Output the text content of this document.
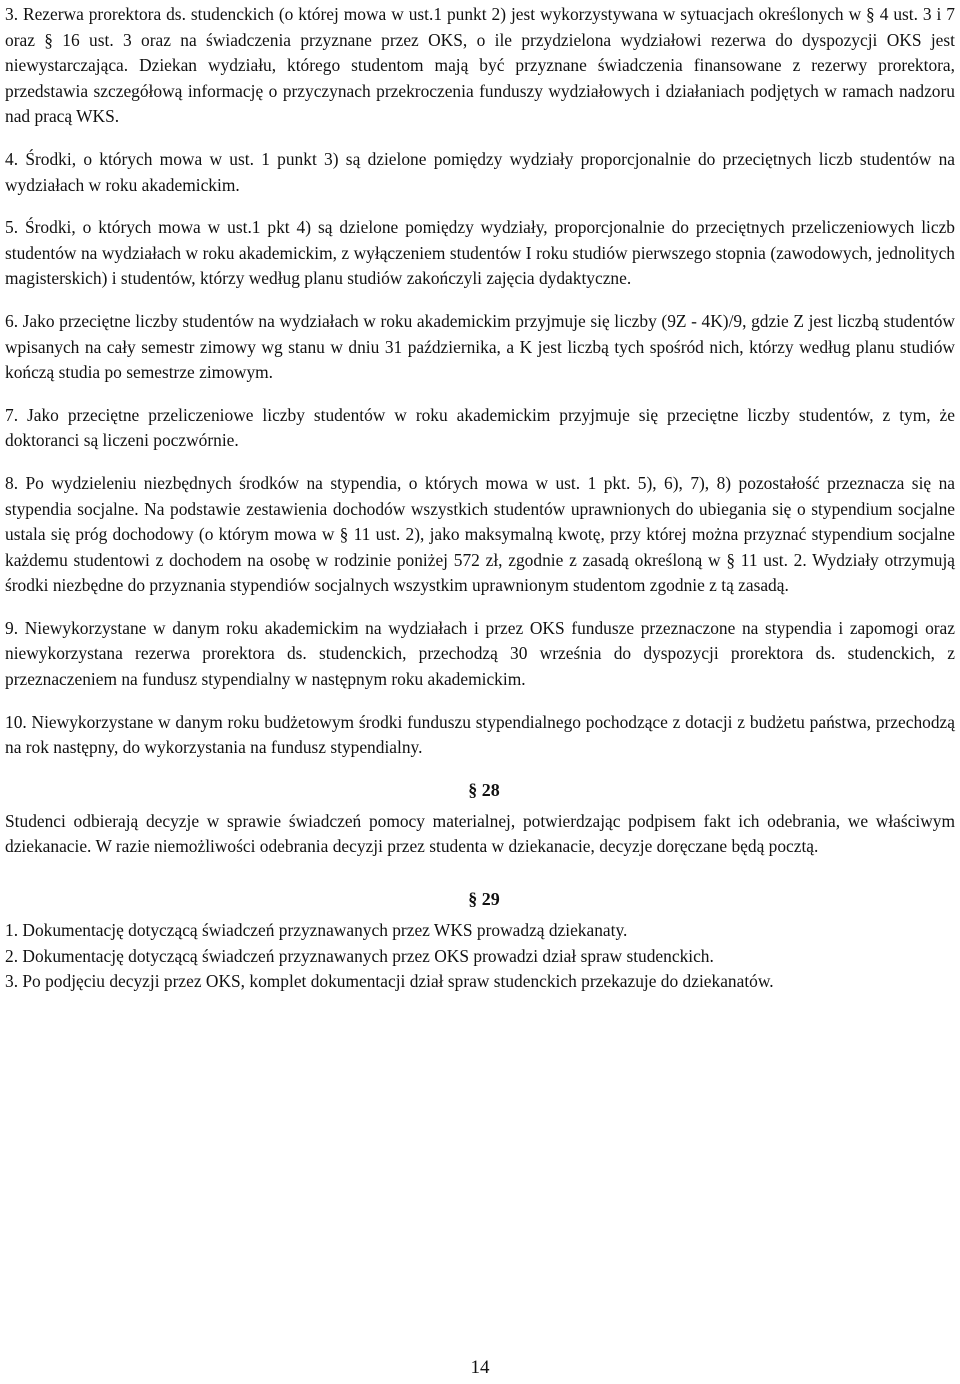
3. Rezerwa prorektora ds. studenckich (o której mowa w ust.1 punkt 2) jest wykorzystywana w sytuacjach określonych w § 4 ust. 3 i 7 oraz § 16 ust. 3 oraz na świadczenia przyznane przez OKS, o ile przydzielona wydziałowi rezerwa do dyspozycji OKS jest niewystarczająca. Dziekan wydziału, którego studentom mają być przyznane świadczenia finansowane z rezerwy prorektora, przedstawia szczegółową informację o przyczynach przekroczenia funduszy wydziałowych i działaniach podjętych w ramach nadzoru nad pracą WKS.

4. Środki, o których mowa w ust. 1 punkt 3) są dzielone pomiędzy wydziały proporcjonalnie do przeciętnych liczb studentów na wydziałach w roku akademickim.

5. Środki, o których mowa w ust.1 pkt 4) są dzielone pomiędzy wydziały, proporcjonalnie do przeciętnych przeliczeniowych liczb studentów na wydziałach w roku akademickim, z wyłączeniem studentów I roku studiów pierwszego stopnia (zawodowych, jednolitych magisterskich) i studentów, którzy według planu studiów zakończyli zajęcia dydaktyczne.

6. Jako przeciętne liczby studentów na wydziałach w roku akademickim przyjmuje się liczby (9Z - 4K)/9, gdzie Z jest liczbą studentów wpisanych na cały semestr zimowy wg stanu w dniu 31 października, a K jest liczbą tych spośród nich, którzy według planu studiów kończą studia po semestrze zimowym.

7. Jako przeciętne przeliczeniowe liczby studentów w roku akademickim przyjmuje się przeciętne liczby studentów, z tym, że doktoranci są liczeni poczwórnie.

8. Po wydzieleniu niezbędnych środków na stypendia, o których mowa w ust. 1 pkt. 5), 6), 7), 8) pozostałość przeznacza się na stypendia socjalne. Na podstawie zestawienia dochodów wszystkich studentów uprawnionych do ubiegania się o stypendium socjalne ustala się próg dochodowy (o którym mowa w § 11 ust. 2), jako maksymalną kwotę, przy której można przyznać stypendium socjalne każdemu studentowi z dochodem na osobę w rodzinie poniżej 572 zł, zgodnie z zasadą określoną w § 11 ust. 2. Wydziały otrzymują środki niezbędne do przyznania stypendiów socjalnych wszystkim uprawnionym studentom zgodnie z tą zasadą.

9. Niewykorzystane w danym roku akademickim na wydziałach i przez OKS fundusze przeznaczone na stypendia i zapomogi oraz niewykorzystana rezerwa prorektora ds. studenckich, przechodzą 30 września do dyspozycji prorektora ds. studenckich, z przeznaczeniem na fundusz stypendialny w następnym roku akademickim.

10. Niewykorzystane w danym roku budżetowym środki funduszu stypendialnego pochodzące z dotacji z budżetu państwa, przechodzą na rok następny, do wykorzystania na fundusz stypendialny.

§ 28

Studenci odbierają decyzje w sprawie świadczeń pomocy materialnej, potwierdzając podpisem fakt ich odebrania, we właściwym dziekanacie. W razie niemożliwości odebrania decyzji przez studenta w dziekanacie, decyzje doręczane będą pocztą.

§ 29

1. Dokumentację dotyczącą świadczeń przyznawanych przez WKS prowadzą dziekanaty.

2. Dokumentację dotyczącą świadczeń przyznawanych przez OKS prowadzi dział spraw studenckich.

3. Po podjęciu decyzji przez OKS, komplet dokumentacji dział spraw studenckich przekazuje do dziekanatów.

14
